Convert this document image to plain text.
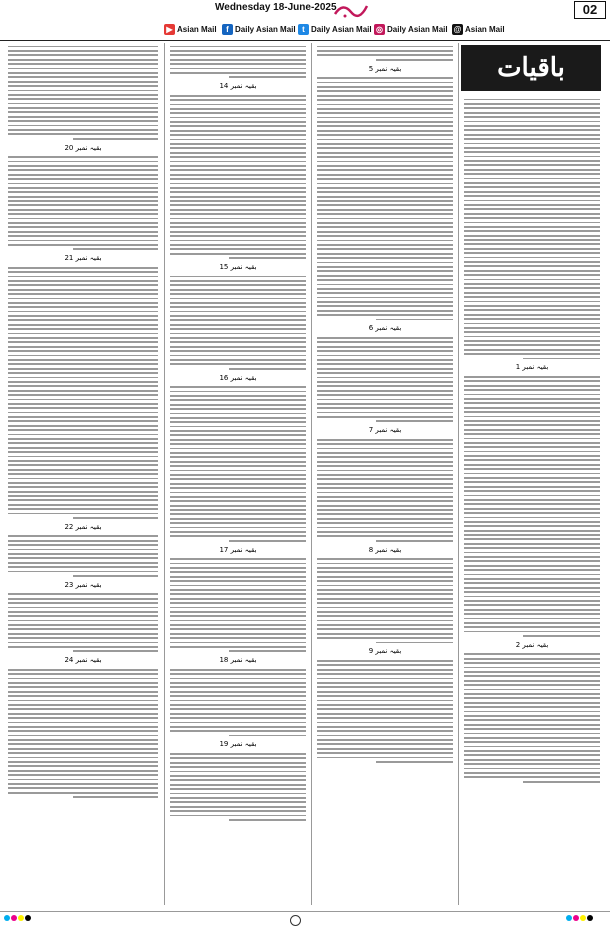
Wednesday 18-June-2025	02
▶ Asian Mail	f Daily Asian Mail t Daily Asian Mail ◎ Daily Asian Mail @ Asian Mail
باقیات
بقیہ نمبر 20
بقیہ نمبر 21
بقیہ نمبر 22
بقیہ نمبر 23
بقیہ نمبر 24
بقیہ نمبر 14
بقیہ نمبر 15
بقیہ نمبر 16
بقیہ نمبر 17
بقیہ نمبر 18
بقیہ نمبر 19
بقیہ نمبر 5
بقیہ نمبر 6
بقیہ نمبر 7
بقیہ نمبر 8
بقیہ نمبر 9
بقیہ نمبر 1
بقیہ نمبر 2
